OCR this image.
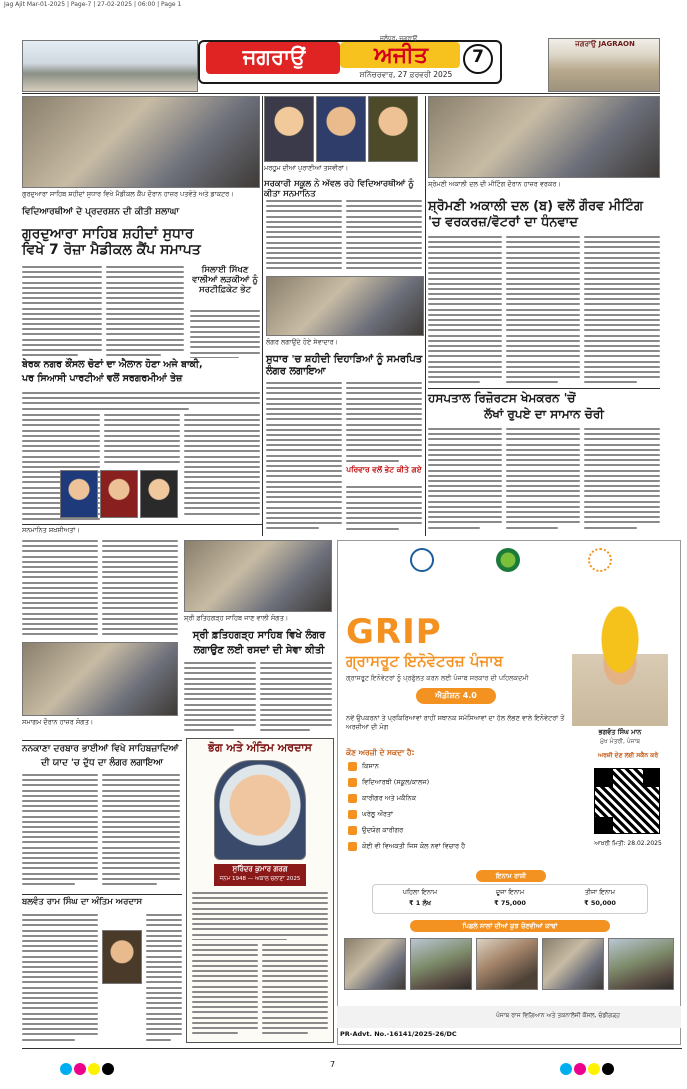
Jag Ajit Mar-01-2025 | Page-7 | 27-02-2025 | 06:00 | Page 1
ਜਗਰਾਉਂ	ਅਜੀਤ
ਜਲੰਧਰ, ਜਗਰਾਉਂ
ਸ਼ਨਿੱਚਰਵਾਰ, 27 ਫ਼ਰਵਰੀ 2025
7
ਜਗਰਾਉਂ JAGRAON
ਗੁਰਦੁਆਰਾ ਸਾਹਿਬ ਸ਼ਹੀਦਾਂ ਸੁਧਾਰ ਵਿਖੇ ਮੈਡੀਕਲ ਕੈਂਪ ਦੌਰਾਨ ਹਾਜ਼ਰ ਪਤਵੰਤੇ ਅਤੇ ਡਾਕਟਰ।
ਵਿਦਿਆਰਥੀਆਂ ਦੇ ਪ੍ਰਦਰਸ਼ਨ ਦੀ ਕੀਤੀ ਸ਼ਲਾਘਾ
ਮਰਹੂਮ ਦੀਆਂ ਪੁਰਾਣੀਆਂ ਤਸਵੀਰਾਂ।
ਸਰਕਾਰੀ ਸਕੂਲ ਨੇ ਅੱਵਲ ਰਹੇ ਵਿਦਿਆਰਥੀਆਂ ਨੂੰ ਕੀਤਾ ਸਨਮਾਨਿਤ
ਸ਼੍ਰੋਮਣੀ ਅਕਾਲੀ ਦਲ ਦੀ ਮੀਟਿੰਗ ਦੌਰਾਨ ਹਾਜ਼ਰ ਵਰਕਰ।
ਗੁਰਦੁਆਰਾ ਸਾਹਿਬ ਸ਼ਹੀਦਾਂ ਸੁਧਾਰ
ਵਿਖੇ 7 ਰੋਜ਼ਾ ਮੈਡੀਕਲ ਕੈਂਪ ਸਮਾਪਤ
ਸਿਲਾਈ ਸਿੱਖਣ ਵਾਲੀਆਂ ਲੜਕੀਆਂ ਨੂੰ ਸਰਟੀਫ਼ਿਕੇਟ ਭੇਟ
ਬੇਰਕ ਨਗਰ ਕੌਂਸਲ ਚੋਣਾਂ ਦਾ ਐਲਾਨ ਹੋਣਾ ਅਜੇ ਬਾਕੀ,
ਪਰ ਸਿਆਸੀ ਪਾਰਟੀਆਂ ਵਲੋਂ ਸਰਗਰਮੀਆਂ ਤੇਜ਼
ਸਨਮਾਨਿਤ ਸ਼ਖ਼ਸੀਅਤਾਂ।
ਲੰਗਰ ਲਗਾਉਂਦੇ ਹੋਏ ਸੇਵਾਦਾਰ।
ਸੁਧਾਰ 'ਚ ਸ਼ਹੀਦੀ ਦਿਹਾੜਿਆਂ ਨੂੰ ਸਮਰਪਿਤ ਲੰਗਰ ਲਗਾਇਆ
ਪਰਿਵਾਰ ਵਲੋਂ ਭੇਟ ਕੀਤੇ ਗਏ
ਸ਼੍ਰੋਮਣੀ ਅਕਾਲੀ ਦਲ (ਬ) ਵਲੋਂ ਗੌਰਵ ਮੀਟਿੰਗ
'ਚ ਵਰਕਰਜ਼/ਵੋਟਰਾਂ ਦਾ ਧੰਨਵਾਦ
ਹਸਪਤਾਲ ਰਿਜ਼ੋਰਟਸ ਖੇਮਕਰਨ 'ਚੋਂ
ਲੱਖਾਂ ਰੁਪਏ ਦਾ ਸਾਮਾਨ ਚੋਰੀ
ਸਮਾਗਮ ਦੌਰਾਨ ਹਾਜ਼ਰ ਸੰਗਤ।
ਸ਼੍ਰੀ ਫ਼ਤਿਹਗੜ੍ਹ ਸਾਹਿਬ ਜਾਣ ਵਾਲੀ ਸੰਗਤ।
ਸ੍ਰੀ ਫ਼ਤਿਹਗੜ੍ਹ ਸਾਹਿਬ ਵਿਖੇ ਲੰਗਰ
ਲਗਾਉਣ ਲਈ ਰਸਦਾਂ ਦੀ ਸੇਵਾ ਕੀਤੀ
ਨਨਕਾਣਾ ਦਰਬਾਰ ਭਾਈਆਂ ਵਿਖੇ ਸਾਹਿਬਜ਼ਾਦਿਆਂ
ਦੀ ਯਾਦ 'ਚ ਦੁੱਧ ਦਾ ਲੰਗਰ ਲਗਾਇਆ
ਬਲਵੰਤ ਰਾਮ ਸਿੰਘ ਦਾ ਅੰਤਿਮ ਅਰਦਾਸ
ਭੋਗ ਅਤੇ ਅੰਤਿਮ ਅਰਦਾਸ
ਸੁਰਿੰਦਰ ਕੁਮਾਰ ਗਰਗ
ਜਨਮ 1948 — ਅਕਾਲ ਚਲਾਣਾ 2025
GRIP
ਗ੍ਰਾਸਰੂਟ ਇਨੋਵੇਟਰਜ਼ ਪੰਜਾਬ
ਗ੍ਰਾਸਰੂਟ ਇਨੋਵੇਟਰਾਂ ਨੂੰ ਪ੍ਰਫੁੱਲਤ ਕਰਨ ਲਈ ਪੰਜਾਬ ਸਰਕਾਰ ਦੀ ਪਹਿਲਕਦਮੀ
ਭਗਵੰਤ ਸਿੰਘ ਮਾਨ
ਮੁੱਖ ਮੰਤਰੀ, ਪੰਜਾਬ
ਐਡੀਸ਼ਨ 4.0
ਨਵੇਂ ਉਪਕਰਨਾਂ ਤੇ ਪ੍ਰਕਿਰਿਆਵਾਂ ਰਾਹੀਂ ਸਥਾਨਕ ਸਮੱਸਿਆਵਾਂ ਦਾ ਹੱਲ ਲੱਭਣ ਵਾਲੇ ਇਨੋਵੇਟਰਾਂ ਤੋਂ ਅਰਜ਼ੀਆਂ ਦੀ ਮੰਗ
ਕੌਣ ਅਰਜ਼ੀ ਦੇ ਸਕਦਾ ਹੈ:
ਕਿਸਾਨ
ਵਿਦਿਆਰਥੀ (ਸਕੂਲ/ਕਾਲਜ)
ਕਾਰੀਗਰ ਅਤੇ ਮਕੈਨਿਕ
ਘਰੇਲੂ ਔਰਤਾਂ
ਉਦਯੋਗ ਕਾਰੀਗਰ
ਕੋਈ ਵੀ ਵਿਅਕਤੀ ਜਿਸ ਕੋਲ ਨਵਾਂ ਵਿਚਾਰ ਹੈ
ਅਰਜ਼ੀ ਦੇਣ ਲਈ ਸਕੈਨ ਕਰੋ
ਆਖ਼ਰੀ ਮਿਤੀ: 28.02.2025
ਇਨਾਮ ਰਾਸ਼ੀ
ਪਹਿਲਾ ਇਨਾਮ
₹ 1 ਲੱਖ
ਦੂਜਾ ਇਨਾਮ
₹ 75,000
ਤੀਜਾ ਇਨਾਮ
₹ 50,000
ਪਿਛਲੇ ਸਾਲਾਂ ਦੀਆਂ ਕੁਝ ਚੋਣਵੀਆਂ ਕਾਢਾਂ
ਪੰਜਾਬ ਰਾਜ ਵਿਗਿਆਨ ਅਤੇ ਤਕਨਾਲੋਜੀ ਕੌਂਸਲ, ਚੰਡੀਗੜ੍ਹ
PR-Advt. No.-16141/2025-26/DC
7
